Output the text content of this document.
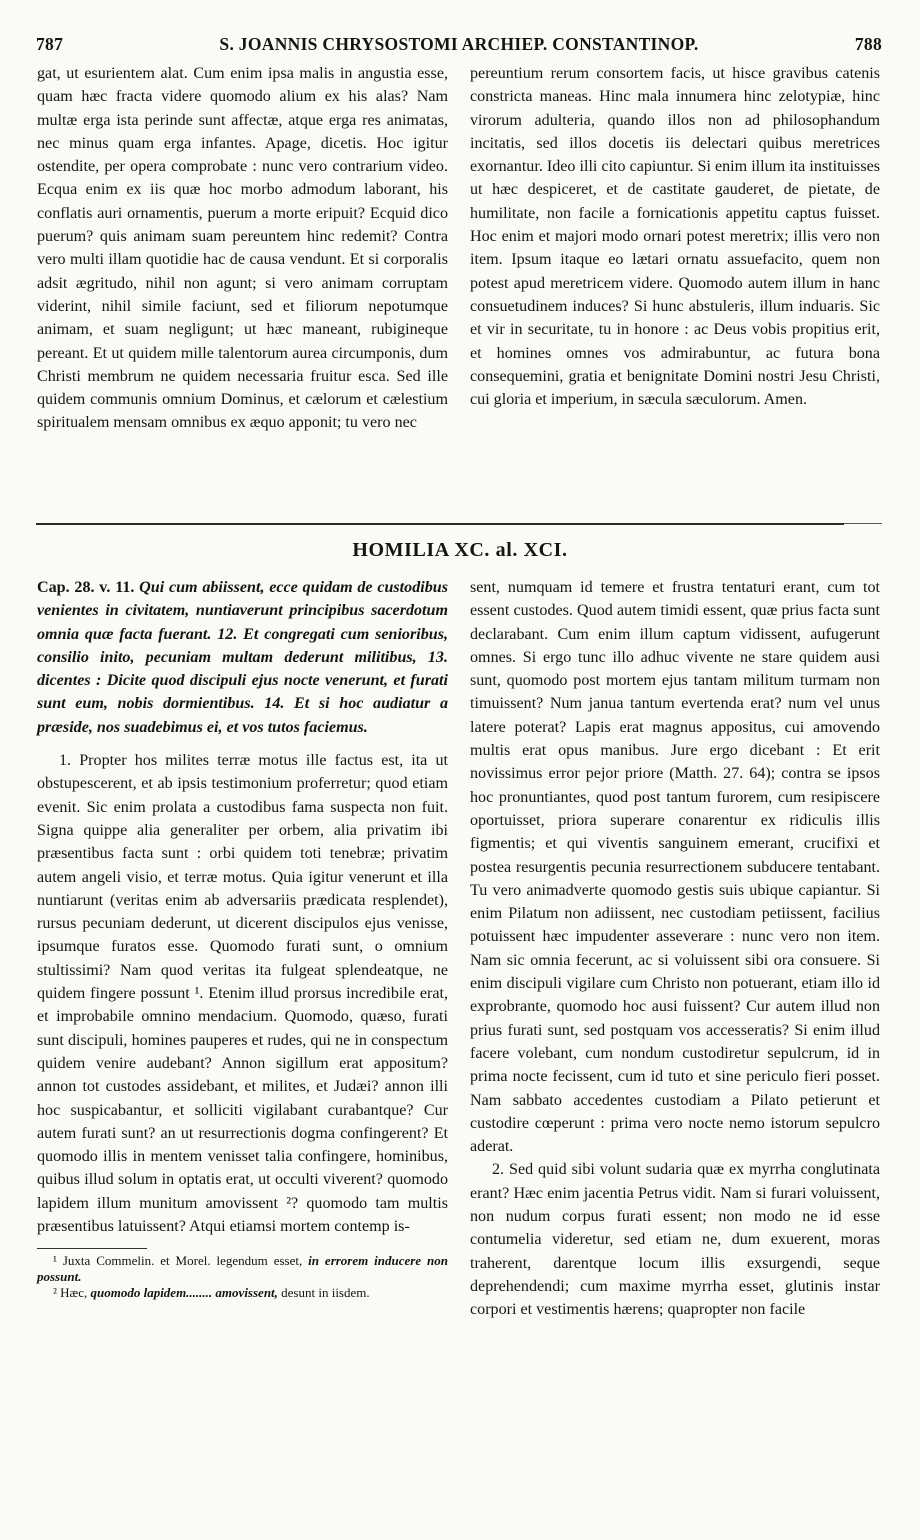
787	S. JOANNIS CHRYSOSTOMI ARCHIEP. CONSTANTINOP.	788

gat, ut esurientem alat. Cum enim ipsa malis in angustia esse, quam hæc fracta videre quomodo alium ex his alas? Nam multæ erga ista perinde sunt affectæ, atque erga res animatas, nec minus quam erga infantes. Apage, dicetis. Hoc igitur ostendite, per opera comprobate : nunc vero contrarium video. Ecqua enim ex iis quæ hoc morbo admodum laborant, his conflatis auri ornamentis, puerum a morte eripuit? Ecquid dico puerum? quis animam suam pereuntem hinc redemit? Contra vero multi illam quotidie hac de causa vendunt. Et si corporalis adsit ægritudo, nihil non agunt; si vero animam corruptam viderint, nihil simile faciunt, sed et filiorum nepotumque animam, et suam negligunt; ut hæc maneant, rubigineque pereant. Et ut quidem mille talentorum aurea circumponis, dum Christi membrum ne quidem necessaria fruitur esca. Sed ille quidem communis omnium Dominus, et cælorum et cælestium spiritualem mensam omnibus ex æquo apponit; tu vero nec

pereuntium rerum consortem facis, ut hisce gravibus catenis constricta maneas. Hinc mala innumera hinc zelotypiæ, hinc virorum adulteria, quando illos non ad philosophandum incitatis, sed illos docetis iis delectari quibus meretrices exornantur. Ideo illi cito capiuntur. Si enim illum ita instituisses ut hæc despiceret, et de castitate gauderet, de pietate, de humilitate, non facile a fornicationis appetitu captus fuisset. Hoc enim et majori modo ornari potest meretrix; illis vero non item. Ipsum itaque eo lætari ornatu assuefacito, quem non potest apud meretricem videre. Quomodo autem illum in hanc consuetudinem induces? Si hunc abstuleris, illum induaris. Sic et vir in securitate, tu in honore : ac Deus vobis propitius erit, et homines omnes vos admirabuntur, ac futura bona consequemini, gratia et benignitate Domini nostri Jesu Christi, cui gloria et imperium, in sæcula sæculorum. Amen.

HOMILIA XC. al. XCI.

Cap. 28. v. 11. Qui cum abiissent, ecce quidam de custodibus venientes in civitatem, nuntiaverunt principibus sacerdotum omnia quæ facta fuerant. 12. Et congregati cum senioribus, consilio inito, pecuniam multam dederunt militibus, 13. dicentes : Dicite quod discipuli ejus nocte venerunt, et furati sunt eum, nobis dormientibus. 14. Et si hoc audiatur a præside, nos suadebimus ei, et vos tutos faciemus.

1. Propter hos milites terræ motus ille factus est, ita ut obstupescerent, et ab ipsis testimonium proferretur; quod etiam evenit. Sic enim prolata a custodibus fama suspecta non fuit. Signa quippe alia generaliter per orbem, alia privatim ibi præsentibus facta sunt : orbi quidem toti tenebræ; privatim autem angeli visio, et terræ motus. Quia igitur venerunt et illa nuntiarunt (veritas enim ab adversariis prædicata resplendet), rursus pecuniam dederunt, ut dicerent discipulos ejus venisse, ipsumque furatos esse. Quomodo furati sunt, o omnium stultissimi? Nam quod veritas ita fulgeat splendeatque, ne quidem fingere possunt ¹. Etenim illud prorsus incredibile erat, et improbabile omnino mendacium. Quomodo, quæso, furati sunt discipuli, homines pauperes et rudes, qui ne in conspectum quidem venire audebant? Annon sigillum erat appositum? annon tot custodes assidebant, et milites, et Judæi? annon illi hoc suspicabantur, et solliciti vigilabant curabantque? Cur autem furati sunt? an ut resurrectionis dogma confingerent? Et quomodo illis in mentem venisset talia confingere, hominibus, quibus illud solum in optatis erat, ut occulti viverent? quomodo lapidem illum munitum amovissent ²? quomodo tam multis præsentibus latuissent? Atqui etiamsi mortem contemp is-

¹ Juxta Commelin. et Morel. legendum esset, in errorem inducere non possunt.

² Hæc, quomodo lapidem........ amovissent, desunt in iisdem.

sent, numquam id temere et frustra tentaturi erant, cum tot essent custodes. Quod autem timidi essent, quæ prius facta sunt declarabant. Cum enim illum captum vidissent, aufugerunt omnes. Si ergo tunc illo adhuc vivente ne stare quidem ausi sunt, quomodo post mortem ejus tantam militum turmam non timuissent? Num janua tantum evertenda erat? num vel unus latere poterat? Lapis erat magnus appositus, cui amovendo multis erat opus manibus. Jure ergo dicebant : Et erit novissimus error pejor priore (Matth. 27. 64); contra se ipsos hoc pronuntiantes, quod post tantum furorem, cum resipiscere oportuisset, priora superare conarentur ex ridiculis illis figmentis; et qui viventis sanguinem emerant, crucifixi et postea resurgentis pecunia resurrectionem subducere tentabant. Tu vero animadverte quomodo gestis suis ubique capiantur. Si enim Pilatum non adiissent, nec custodiam petiissent, facilius potuissent hæc impudenter asseverare : nunc vero non item. Nam sic omnia fecerunt, ac si voluissent sibi ora consuere. Si enim discipuli vigilare cum Christo non potuerant, etiam illo id exprobrante, quomodo hoc ausi fuissent? Cur autem illud non prius furati sunt, sed postquam vos accesseratis? Si enim illud facere volebant, cum nondum custodiretur sepulcrum, id in prima nocte fecissent, cum id tuto et sine periculo fieri posset. Nam sabbato accedentes custodiam a Pilato petierunt et custodire cœperunt : prima vero nocte nemo istorum sepulcro aderat.

2. Sed quid sibi volunt sudaria quæ ex myrrha conglutinata erant? Hæc enim jacentia Petrus vidit. Nam si furari voluissent, non nudum corpus furati essent; non modo ne id esse contumelia videretur, sed etiam ne, dum exuerent, moras traherent, darentque locum illis exsurgendi, seque deprehendendi; cum maxime myrrha esset, glutinis instar corpori et vestimentis hærens; quapropter non facile
